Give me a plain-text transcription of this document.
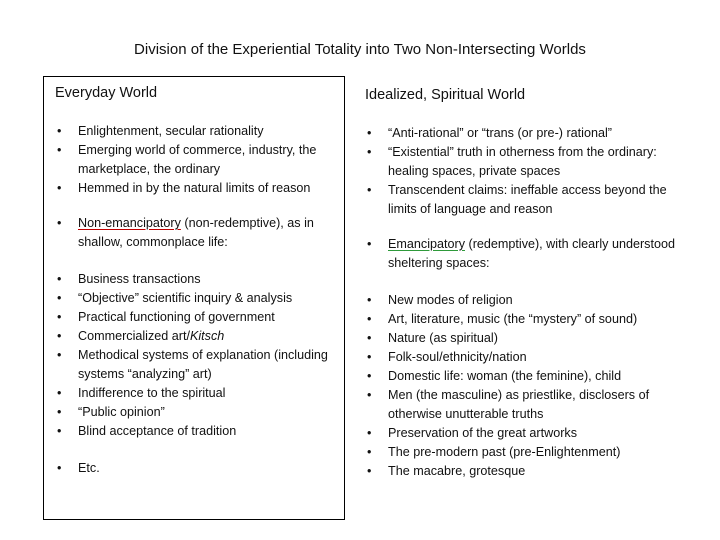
Division of the Experiential Totality into Two Non-Intersecting Worlds
Everyday World
• Enlightenment, secular rationality
• Emerging world of commerce, industry, the marketplace, the ordinary
• Hemmed in by the natural limits of reason
• Non-emancipatory (non-redemptive), as in shallow, commonplace life:
• Business transactions
• “Objective” scientific inquiry & analysis
• Practical functioning of government
• Commercialized art/Kitsch
• Methodical systems of explanation (including systems “analyzing” art)
• Indifference to the spiritual
• “Public opinion”
• Blind acceptance of tradition
• Etc.
Idealized, Spiritual World
• “Anti-rational” or “trans (or pre-) rational”
• “Existential” truth in otherness from the ordinary: healing spaces, private spaces
• Transcendent claims: ineffable access beyond the limits of language and reason
• Emancipatory (redemptive), with clearly understood sheltering spaces:
• New modes of religion
• Art, literature, music (the “mystery” of sound)
• Nature (as spiritual)
• Folk-soul/ethnicity/nation
• Domestic life: woman (the feminine), child
• Men (the masculine) as priestlike, disclosers of otherwise unutterable truths
• Preservation of the great artworks
• The pre-modern past (pre-Enlightenment)
• The macabre, grotesque
